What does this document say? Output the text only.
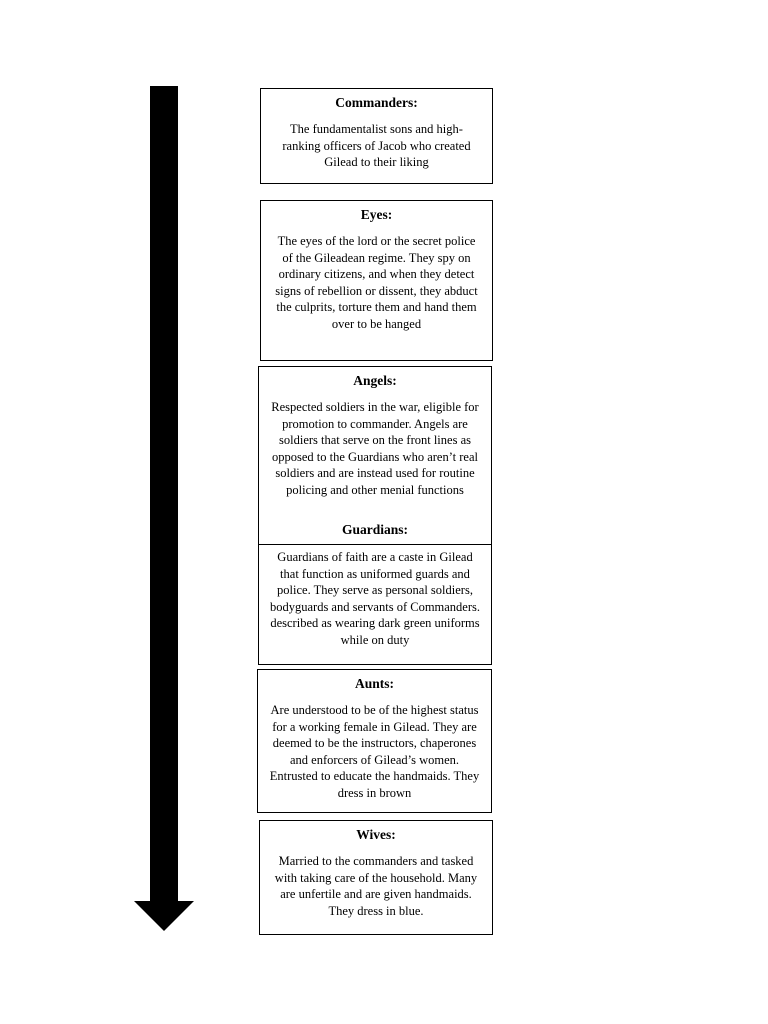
Commanders:

The fundamentalist sons and high-ranking officers of Jacob who created Gilead to their liking

Eyes:

The eyes of the lord or the secret police of the Gileadean regime. They spy on ordinary citizens, and when they detect signs of rebellion or dissent, they abduct the culprits, torture them and hand them over to be hanged

Angels:

Respected soldiers in the war, eligible for promotion to commander. Angels are soldiers that serve on the front lines as opposed to the Guardians who aren’t real soldiers and are instead used for routine policing and other menial functions

Guardians of faith are a caste in Gilead that function as uniformed guards and police. They serve as personal soldiers, bodyguards and servants of Commanders. described as wearing dark green uniforms while on duty

Guardians:
Aunts:

Are understood to be of the highest status for a working female in Gilead. They are deemed to be the instructors, chaperones and enforcers of Gilead’s women. Entrusted to educate the handmaids. They dress in brown

Wives:

Married to the commanders and tasked with taking care of the household. Many are unfertile and are given handmaids. They dress in blue.
